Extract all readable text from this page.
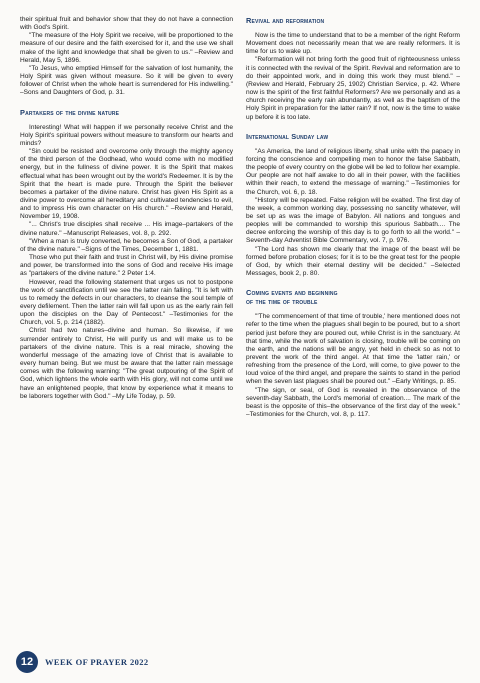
their spiritual fruit and behavior show that they do not have a connection with God's Spirit.

"The measure of the Holy Spirit we receive, will be proportioned to the measure of our desire and the faith exercised for it, and the use we shall make of the light and knowledge that shall be given to us." –Review and Herald, May 5, 1896.

"To Jesus, who emptied Himself for the salvation of lost humanity, the Holy Spirit was given without measure. So it will be given to every follower of Christ when the whole heart is surrendered for His indwelling." –Sons and Daughters of God, p. 31.

Partakers of the divine nature

Interesting! What will happen if we personally receive Christ and the Holy Spirit's spiritual powers without measure to transform our hearts and minds?

"Sin could be resisted and overcome only through the mighty agency of the third person of the Godhead, who would come with no modified energy, but in the fullness of divine power. It is the Spirit that makes effectual what has been wrought out by the world's Redeemer. It is by the Spirit that the heart is made pure. Through the Spirit the believer becomes a partaker of the divine nature. Christ has given His Spirit as a divine power to overcome all hereditary and cultivated tendencies to evil, and to impress His own character on His church." –Review and Herald, November 19, 1908.

"... Christ's true disciples shall receive ... His image–partakers of the divine nature." –Manuscript Releases, vol. 8, p. 292.

"When a man is truly converted, he becomes a Son of God, a partaker of the divine nature." –Signs of the Times, December 1, 1881.

Those who put their faith and trust in Christ will, by His divine promise and power, be transformed into the sons of God and receive His image as "partakers of the divine nature." 2 Peter 1:4.

However, read the following statement that urges us not to postpone the work of sanctification until we see the latter rain falling. "It is left with us to remedy the defects in our characters, to cleanse the soul temple of every defilement. Then the latter rain will fall upon us as the early rain fell upon the disciples on the Day of Pentecost." –Testimonies for the Church, vol. 5, p. 214 (1882).

Christ had two natures–divine and human. So likewise, if we surrender entirely to Christ, He will purify us and will make us to be partakers of the divine nature. This is a real miracle, showing the wonderful message of the amazing love of Christ that is available to every human being. But we must be aware that the latter rain message comes with the following warning: "The great outpouring of the Spirit of God, which lightens the whole earth with His glory, will not come until we have an enlightened people, that know by experience what it means to be laborers together with God." –My Life Today, p. 59.

Revival and reformation

Now is the time to understand that to be a member of the right Reform Movement does not necessarily mean that we are really reformers. It is time for us to wake up.

"Reformation will not bring forth the good fruit of righteousness unless it is connected with the revival of the Spirit. Revival and reformation are to do their appointed work, and in doing this work they must blend." –(Review and Herald, February 25, 1902) Christian Service, p. 42. Where now is the spirit of the first faithful Reformers? Are we personally and as a church receiving the early rain abundantly, as well as the baptism of the Holy Spirit in preparation for the latter rain? If not, now is the time to wake up before it is too late.

International Sunday law

"As America, the land of religious liberty, shall unite with the papacy in forcing the conscience and compelling men to honor the false Sabbath, the people of every country on the globe will be led to follow her example. Our people are not half awake to do all in their power, with the facilities within their reach, to extend the message of warning." –Testimonies for the Church, vol. 6, p. 18.

"History will be repeated. False religion will be exalted. The first day of the week, a common working day, possessing no sanctity whatever, will be set up as was the image of Babylon. All nations and tongues and peoples will be commanded to worship this spurious Sabbath.... The decree enforcing the worship of this day is to go forth to all the world." –Seventh-day Adventist Bible Commentary, vol. 7, p. 976.

"The Lord has shown me clearly that the image of the beast will be formed before probation closes; for it is to be the great test for the people of God, by which their eternal destiny will be decided." –Selected Messages, book 2, p. 80.

Coming events and beginning
of the time of trouble

"'The commencement of that time of trouble,' here mentioned does not refer to the time when the plagues shall begin to be poured, but to a short period just before they are poured out, while Christ is in the sanctuary. At that time, while the work of salvation is closing, trouble will be coming on the earth, and the nations will be angry, yet held in check so as not to prevent the work of the third angel. At that time the 'latter rain,' or refreshing from the presence of the Lord, will come, to give power to the loud voice of the third angel, and prepare the saints to stand in the period when the seven last plagues shall be poured out." –Early Writings, p. 85.

"The sign, or seal, of God is revealed in the observance of the seventh-day Sabbath, the Lord's memorial of creation.... The mark of the beast is the opposite of this–the observance of the first day of the week." –Testimonies for the Church, vol. 8, p. 117.

12	WEEK OF PRAYER 2022
